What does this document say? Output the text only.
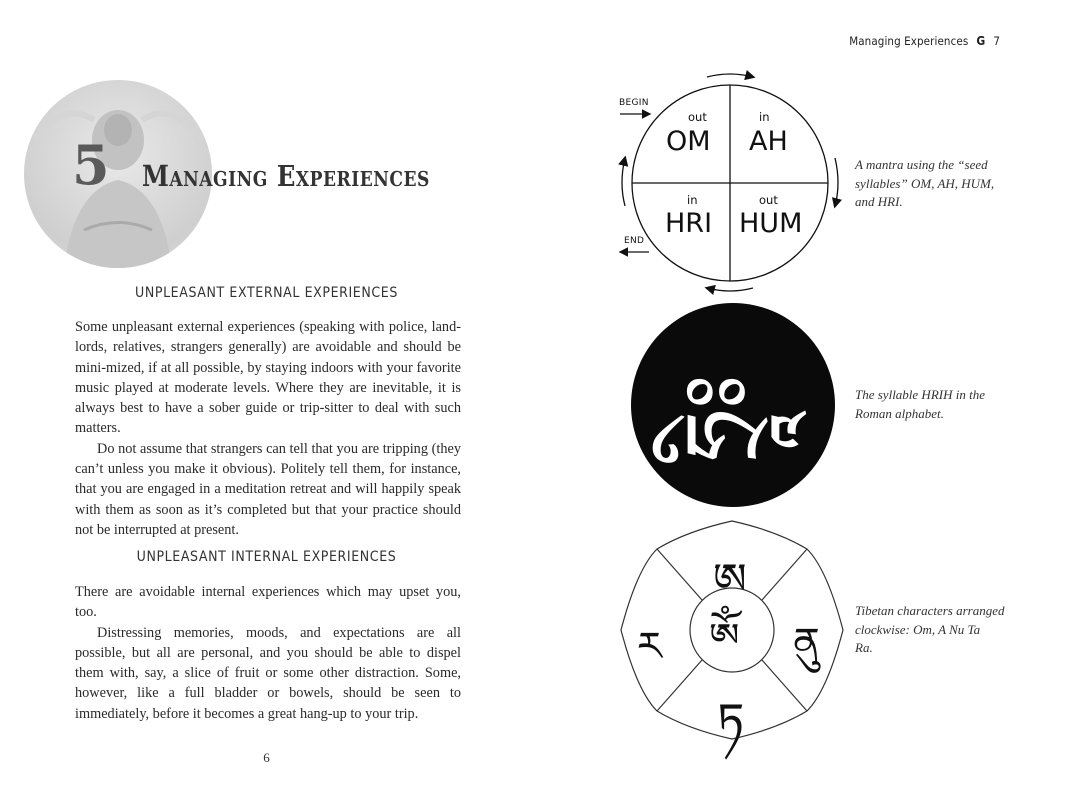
5 Managing Experiences
UNPLEASANT EXTERNAL EXPERIENCES

Some unpleasant external experiences (speaking with police, land-lords, relatives, strangers generally) are avoidable and should be mini-mized, if at all possible, by staying indoors with your favorite music played at moderate levels. Where they are inevitable, it is always best to have a sober guide or trip-sitter to deal with such matters.

Do not assume that strangers can tell that you are tripping (they can’t unless you make it obvious). Politely tell them, for instance, that you are engaged in a meditation retreat and will happily speak with them as soon as it’s completed but that your practice should not be interrupted at present.

UNPLEASANT INTERNAL EXPERIENCES

There are avoidable internal experiences which may upset you, too.

Distressing memories, moods, and expectations are all possible, but all are personal, and you should be able to dispel them with, say, a slice of fruit or some other distraction. Some, however, like a full bladder or bowels, should be seen to immediately, before it becomes a great hang-up to your trip.

6
Managing Experiences G 7
BEGIN
END
out
OM
in
AH
in
HRI
out
HUM
A mantra using the “seed
syllables” OM, AH, HUM,
and HRI.
ཧྲཱིཿ	The syllable HRIH in the
Roman alphabet.
ཨ
ཨོཾ
ར	ནུ
ཏ
Tibetan characters arranged
clockwise: Om, A Nu Ta
Ra.
